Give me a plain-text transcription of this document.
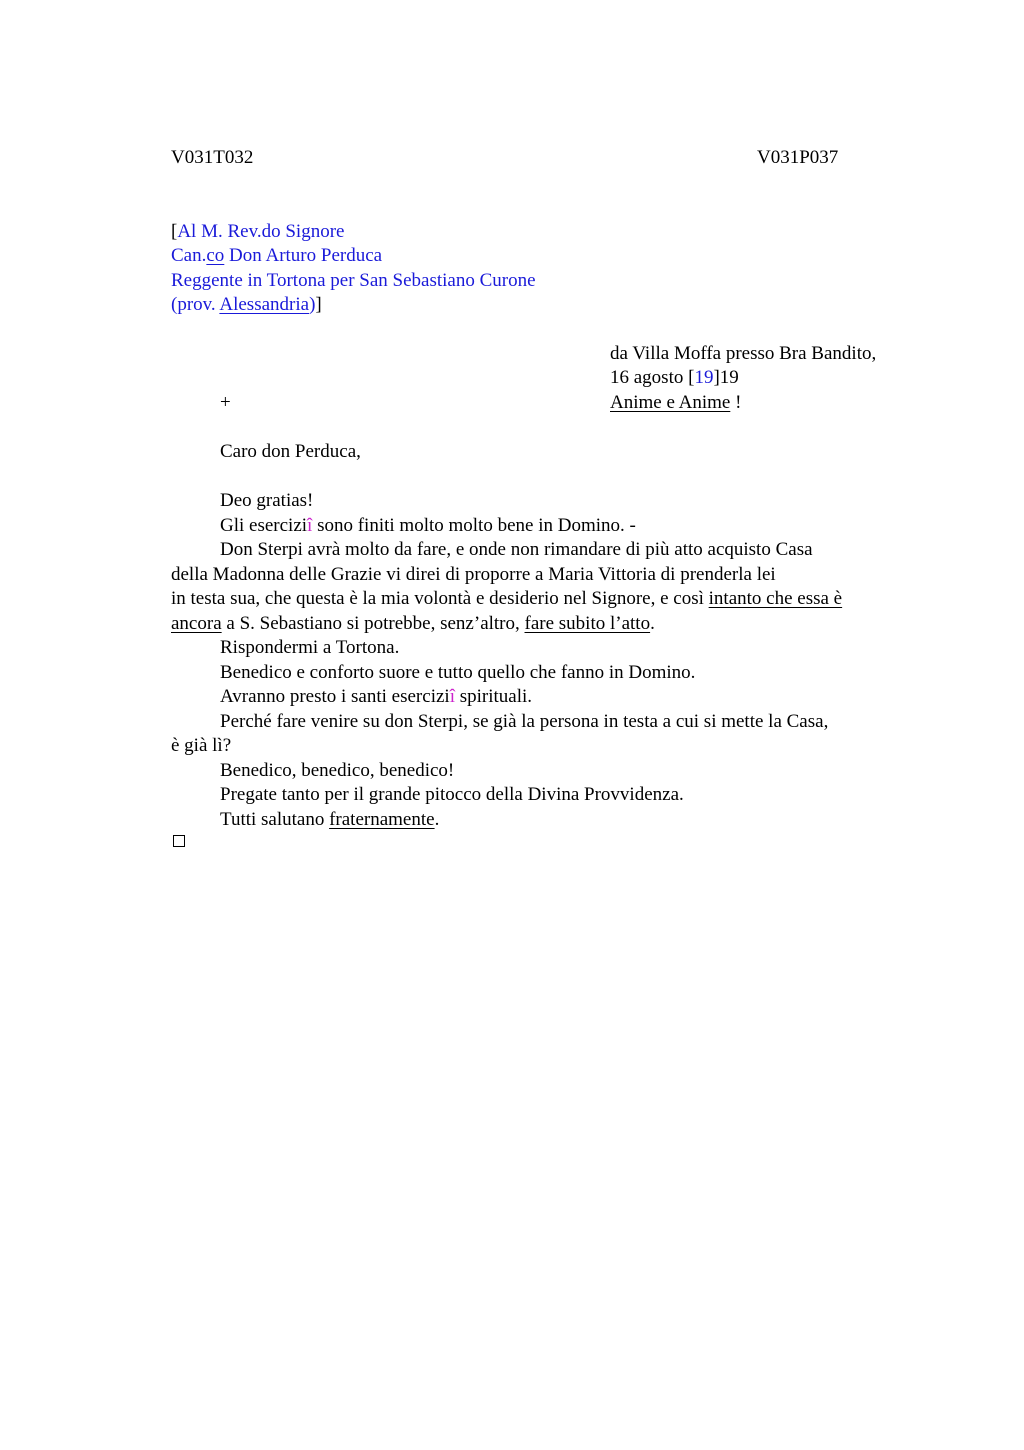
V031T032	V031P037
[Al M. Rev.do Signore
Can.co Don Arturo Perduca
Reggente in Tortona per San Sebastiano Curone
(prov. Alessandria)]
da Villa Moffa presso Bra Bandito,
16 agosto [19]19
Anime e Anime !
+
Caro don Perduca,

Deo gratias!

Gli eserciziî sono finiti molto molto bene in Domino. -

Don Sterpi avrà molto da fare, e onde non rimandare di più atto acquisto Casa
della Madonna delle Grazie vi direi di proporre a Maria Vittoria di prenderla lei
in testa sua, che questa è la mia volontà e desiderio nel Signore, e così intanto che essa è
ancora a S. Sebastiano si potrebbe, senz’altro, fare subito l’atto.

Rispondermi a Tortona.

Benedico e conforto suore e tutto quello che fanno in Domino.

Avranno presto i santi eserciziî spirituali.

Perché fare venire su don Sterpi, se già la persona in testa a cui si mette la Casa,
è già lì?

Benedico, benedico, benedico!

Pregate tanto per il grande pitocco della Divina Provvidenza.

Tutti salutano fraternamente.
